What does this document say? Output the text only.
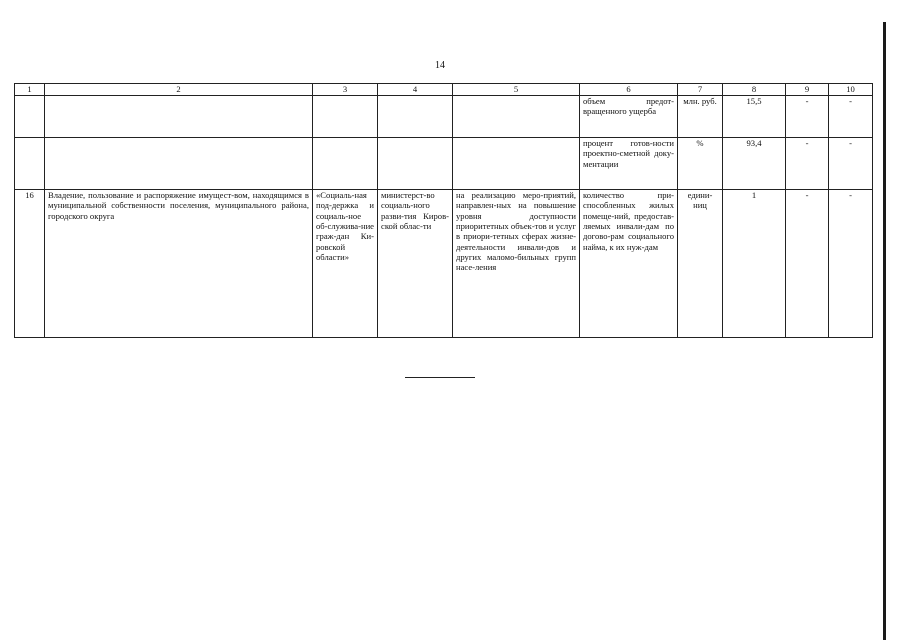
14
1	2	3	4	5	6	7	8	9	10
					объем предот-вращенного ущерба	млн. руб.	15,5	-	-
					процент готов-ности проектно-сметной доку-ментации	%	93,4	-	-
16	Владение, пользование и распоряжение имущест-вом, находящимся в муниципальной собственности поселения, муниципального района, городского округа	«Социаль-ная под-держка и социаль-ное об-служива-ние граж-дан Ки-ровской области»	министерст-во социаль-ного разви-тия Киров-ской облас-ти	на реализацию меро-приятий, направлен-ных на повышение уровня доступности приоритетных объек-тов и услуг в приори-тетных сферах жизне-деятельности инвали-дов и других маломо-бильных групп насе-ления	количество при-способленных жилых помеще-ний, предостав-ляемых инвали-дам по догово-рам социального найма, к их нуж-дам	едини-ниц	1	-	-
